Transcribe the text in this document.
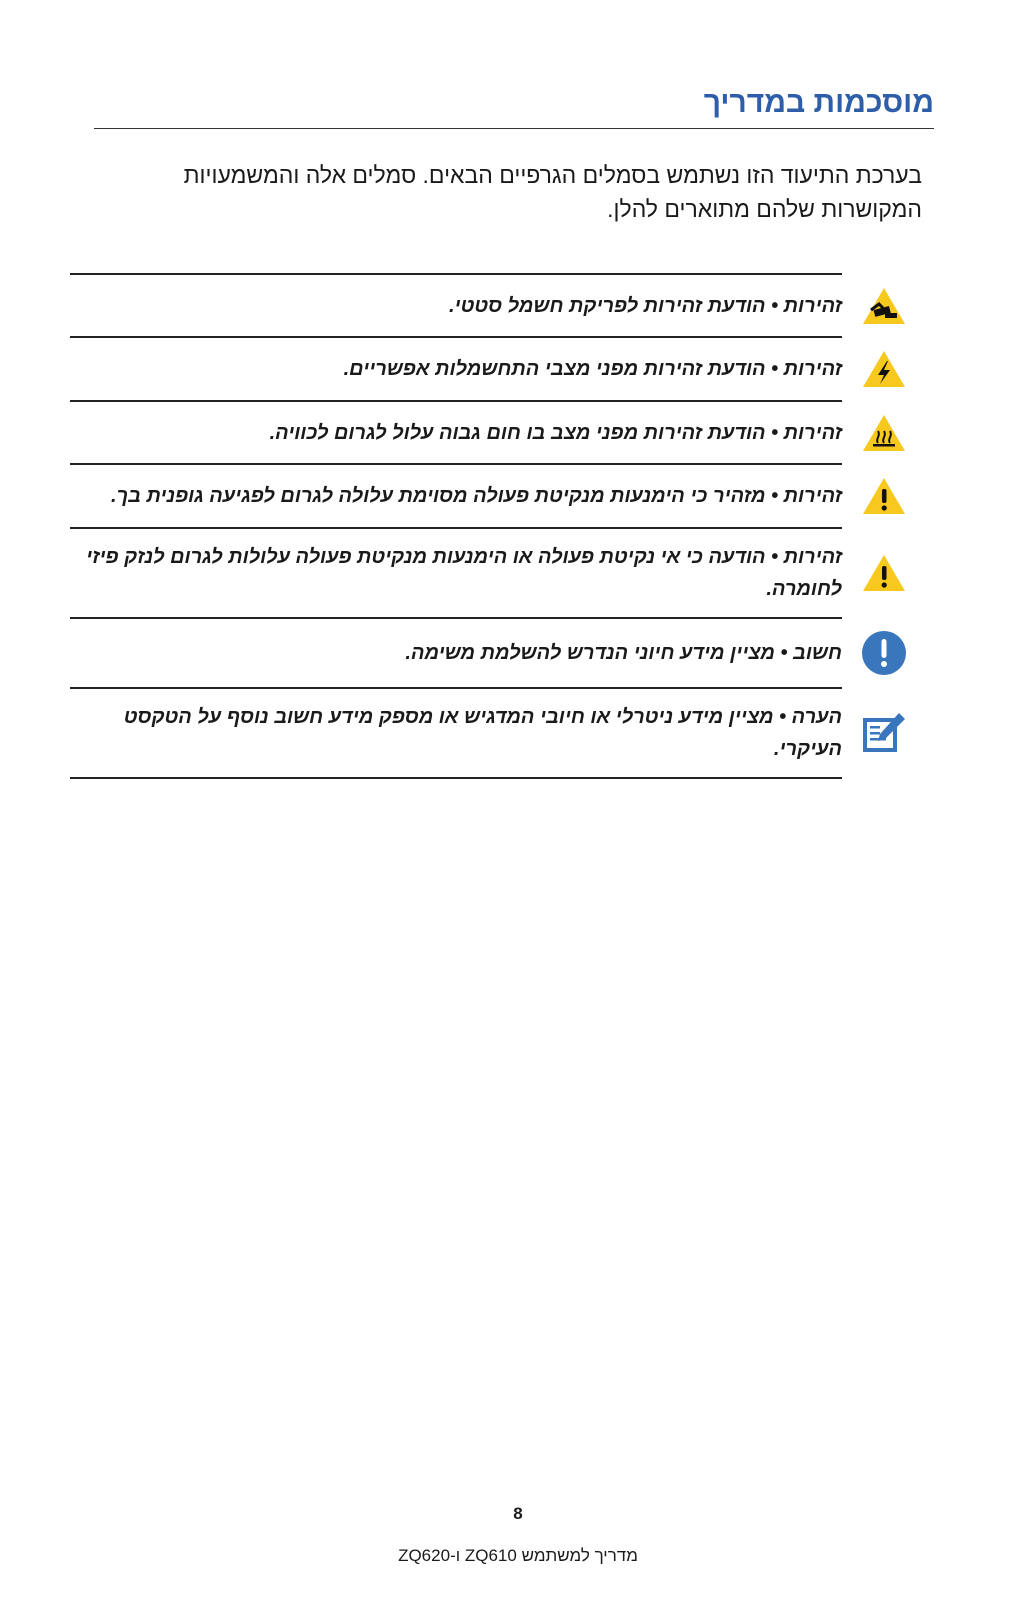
מוסכמות במדריך
בערכת התיעוד הזו נשתמש בסמלים הגרפיים הבאים. סמלים אלה והמשמעויות המקושרות שלהם מתוארים להלן.
זהירות • הודעת זהירות לפריקת חשמל סטטי.
זהירות • הודעת זהירות מפני מצבי התחשמלות אפשריים.
זהירות • הודעת זהירות מפני מצב בו חום גבוה עלול לגרום לכוויה.
זהירות • מזהיר כי הימנעות מנקיטת פעולה מסוימת עלולה לגרום לפגיעה גופנית בך.
זהירות • הודעה כי אי נקיטת פעולה או הימנעות מנקיטת פעולה עלולות לגרום לנזק פיזי לחומרה.
חשוב • מציין מידע חיוני הנדרש להשלמת משימה.
הערה • מציין מידע ניטרלי או חיובי המדגיש או מספק מידע חשוב נוסף על הטקסט העיקרי.
8
מדריך למשתמש ZQ610 ו-ZQ620
